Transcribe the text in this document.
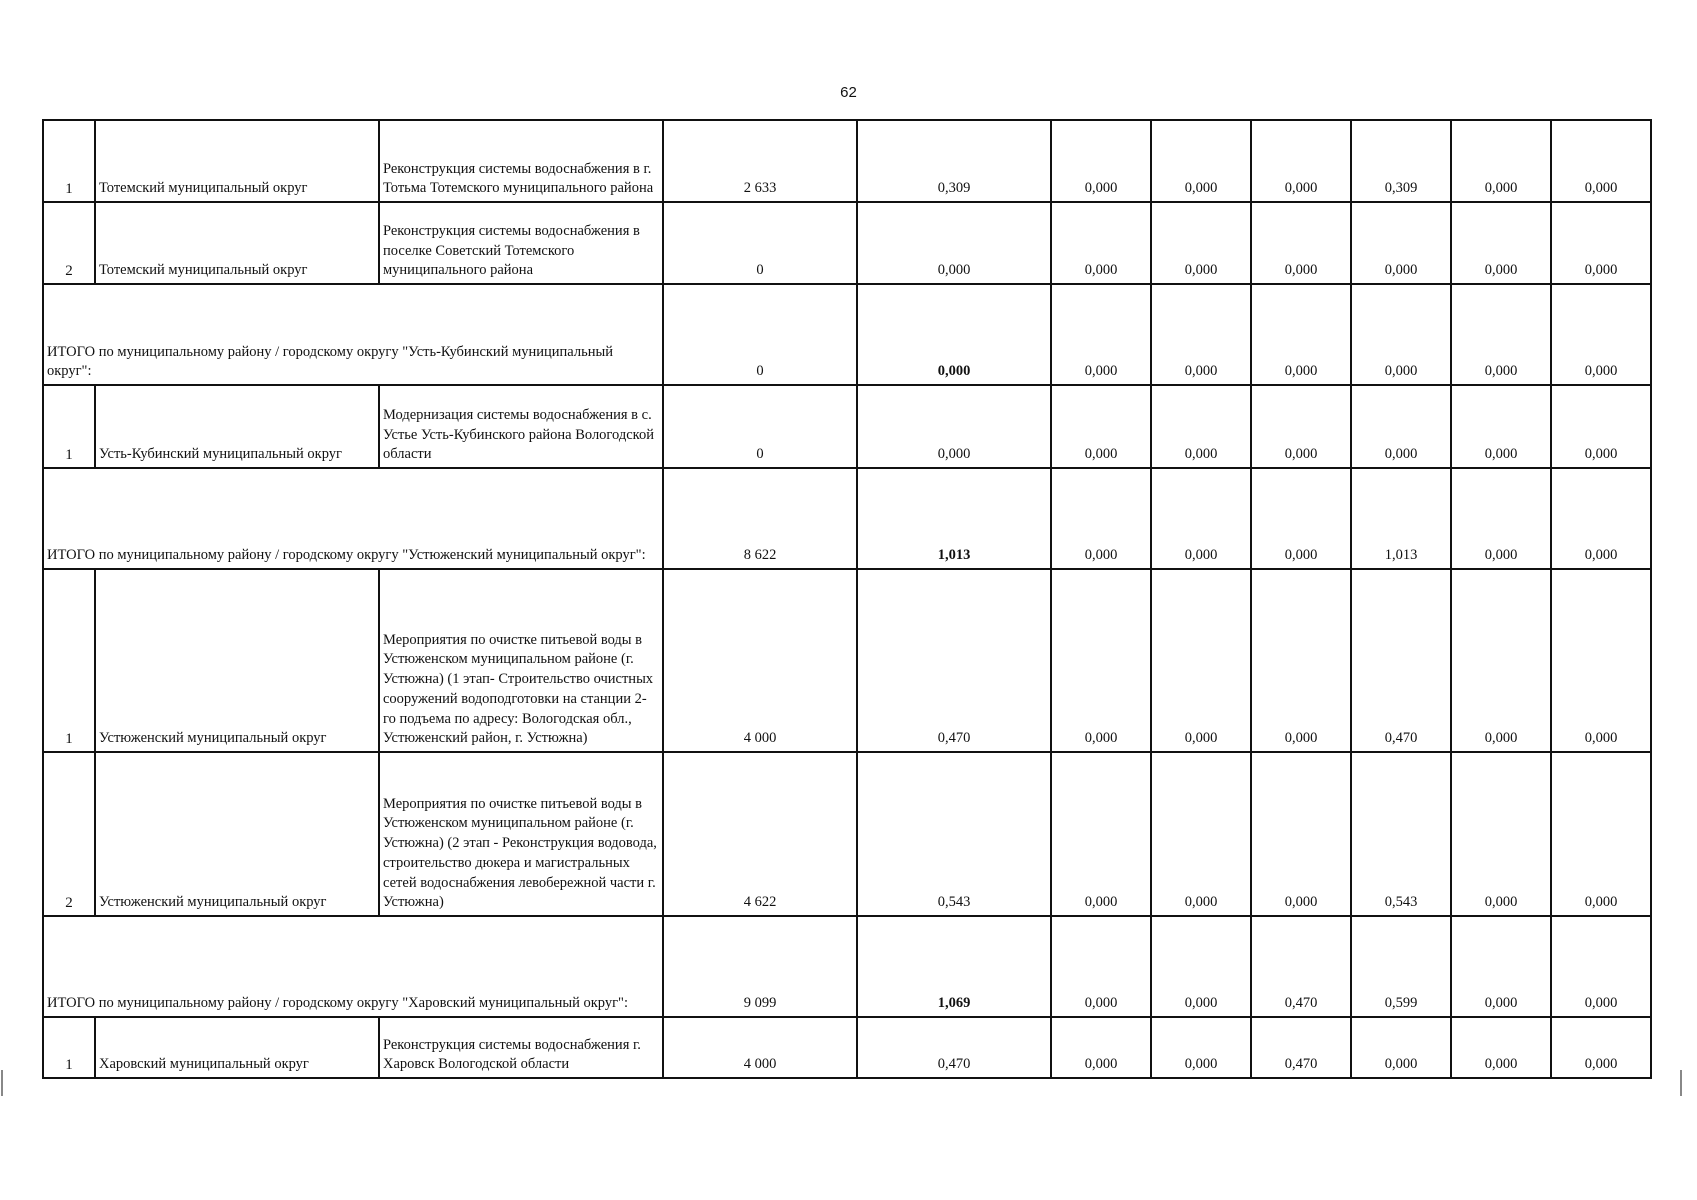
62
1	Тотемский муниципальный округ	Реконструкция системы водоснабжения в г. Тотьма Тотемского муниципального района	2 633	0,309	0,000	0,000	0,000	0,309	0,000	0,000
2	Тотемский муниципальный округ	Реконструкция системы водоснабжения в поселке Советский Тотемского муниципального района	0	0,000	0,000	0,000	0,000	0,000	0,000	0,000
ИТОГО по муниципальному району / городскому округу "Усть-Кубинский муниципальный округ":			0	0,000	0,000	0,000	0,000	0,000	0,000	0,000
1	Усть-Кубинский муниципальный округ	Модернизация системы водоснабжения в с. Устье Усть-Кубинского района Вологодской области	0	0,000	0,000	0,000	0,000	0,000	0,000	0,000
ИТОГО по муниципальному району / городскому округу "Устюженский муниципальный округ":			8 622	1,013	0,000	0,000	0,000	1,013	0,000	0,000
1	Устюженский муниципальный округ	Мероприятия по очистке питьевой воды в Устюженском муниципальном районе (г. Устюжна) (1 этап- Строительство очистных сооружений водоподготовки на станции 2-го подъема по адресу: Вологодская обл., Устюженский район, г. Устюжна)	4 000	0,470	0,000	0,000	0,000	0,470	0,000	0,000
2	Устюженский муниципальный округ	Мероприятия по очистке питьевой воды в Устюженском муниципальном районе (г. Устюжна) (2 этап - Реконструкция водовода, строительство дюкера и магистральных сетей водоснабжения левобережной части г. Устюжна)	4 622	0,543	0,000	0,000	0,000	0,543	0,000	0,000
ИТОГО по муниципальному району / городскому округу "Харовский муниципальный округ":			9 099	1,069	0,000	0,000	0,470	0,599	0,000	0,000
1	Харовский муниципальный округ	Реконструкция системы водоснабжения г. Харовск Вологодской области	4 000	0,470	0,000	0,000	0,470	0,000	0,000	0,000
